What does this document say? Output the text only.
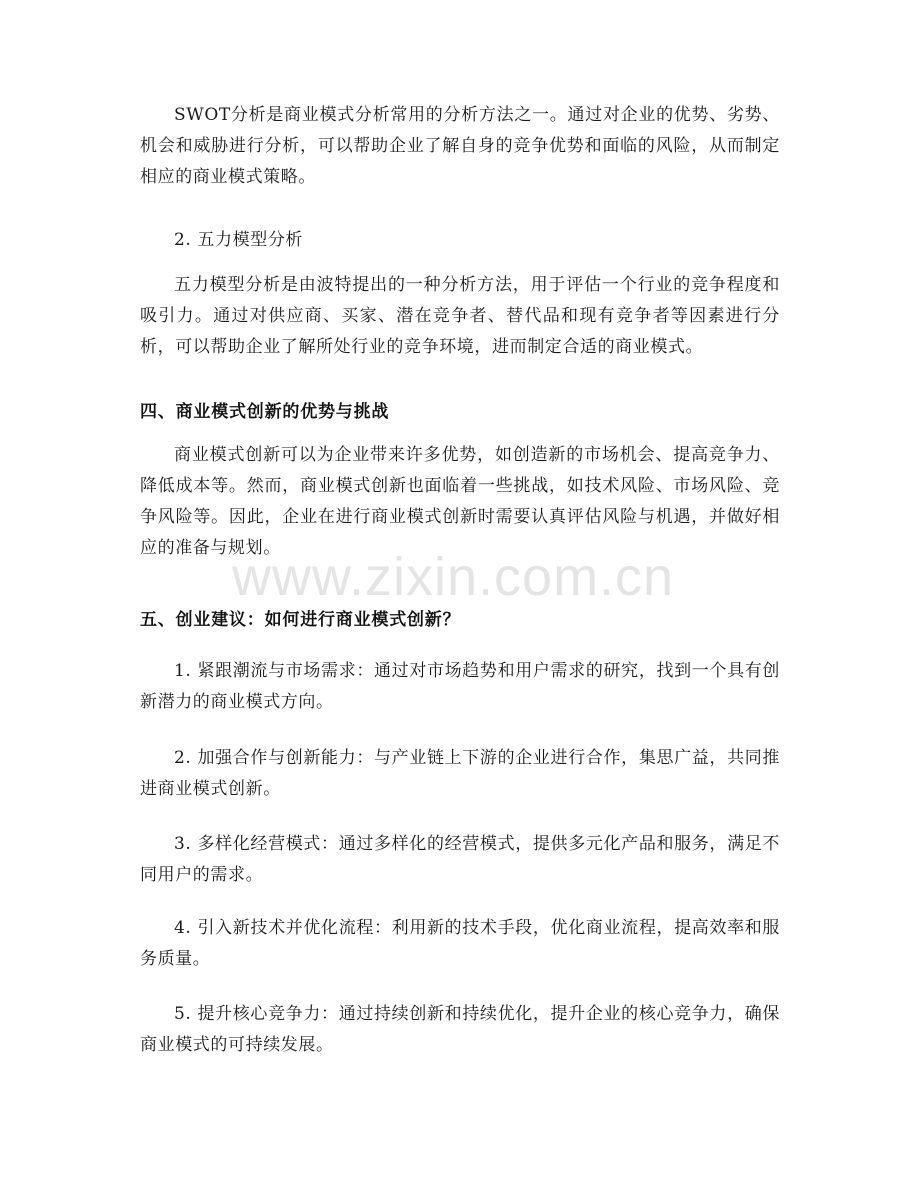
SWOT分析是商业模式分析常用的分析方法之一。通过对企业的优势、劣势、机会和威胁进行分析，可以帮助企业了解自身的竞争优势和面临的风险，从而制定相应的商业模式策略。

2. 五力模型分析

五力模型分析是由波特提出的一种分析方法，用于评估一个行业的竞争程度和吸引力。通过对供应商、买家、潜在竞争者、替代品和现有竞争者等因素进行分析，可以帮助企业了解所处行业的竞争环境，进而制定合适的商业模式。

四、商业模式创新的优势与挑战

商业模式创新可以为企业带来许多优势，如创造新的市场机会、提高竞争力、降低成本等。然而，商业模式创新也面临着一些挑战，如技术风险、市场风险、竞争风险等。因此，企业在进行商业模式创新时需要认真评估风险与机遇，并做好相应的准备与规划。

五、创业建议：如何进行商业模式创新？

1. 紧跟潮流与市场需求：通过对市场趋势和用户需求的研究，找到一个具有创新潜力的商业模式方向。

2. 加强合作与创新能力：与产业链上下游的企业进行合作，集思广益，共同推进商业模式创新。

3. 多样化经营模式：通过多样化的经营模式，提供多元化产品和服务，满足不同用户的需求。

4. 引入新技术并优化流程：利用新的技术手段，优化商业流程，提高效率和服务质量。

5. 提升核心竞争力：通过持续创新和持续优化，提升企业的核心竞争力，确保商业模式的可持续发展。

www.zixin.com.cn
